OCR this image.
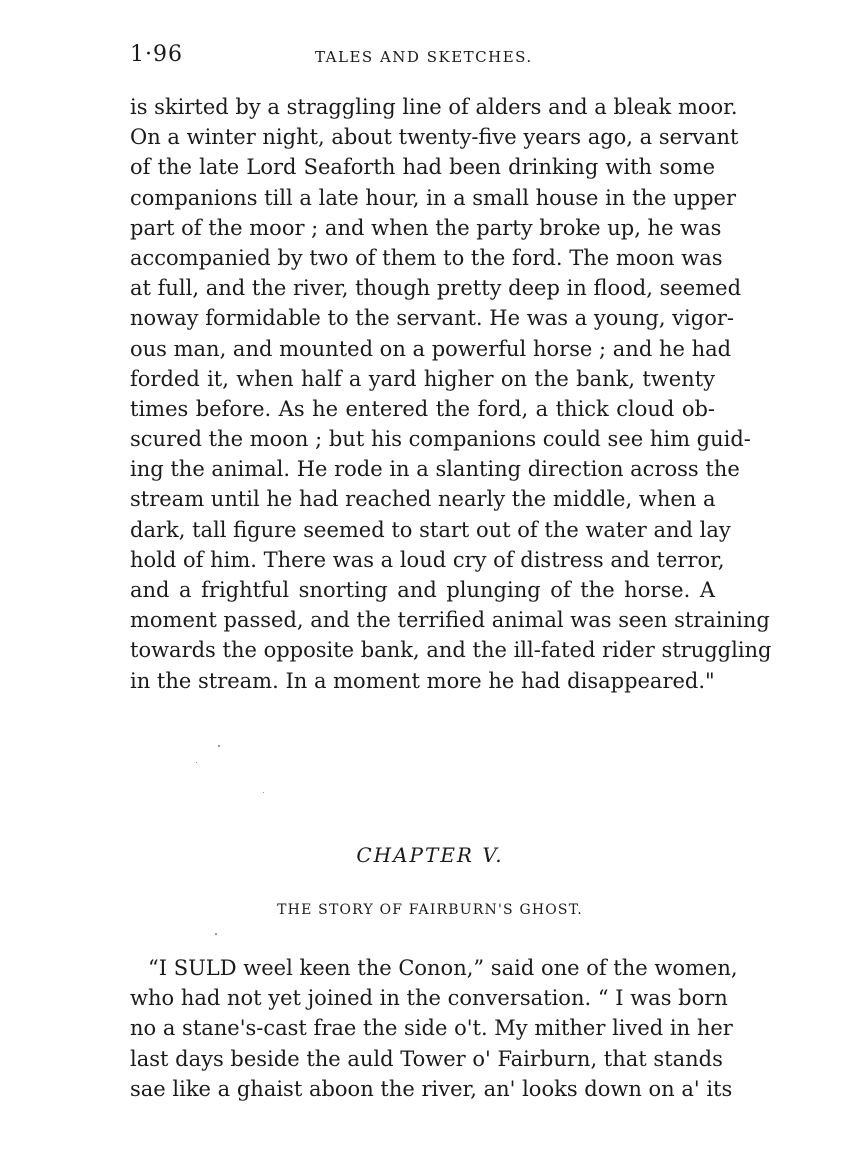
1·96	TALES AND SKETCHES.
is skirted by a straggling line of alders and a bleak moor.
On a winter night, about twenty-five years ago, a servant
of the late Lord Seaforth had been drinking with some
companions till a late hour, in a small house in the upper
part of the moor ; and when the party broke up, he was
accompanied by two of them to the ford. The moon was
at full, and the river, though pretty deep in flood, seemed
noway formidable to the servant. He was a young, vigor-
ous man, and mounted on a powerful horse ; and he had
forded it, when half a yard higher on the bank, twenty
times before. As he entered the ford, a thick cloud ob-
scured the moon ; but his companions could see him guid-
ing the animal. He rode in a slanting direction across the
stream until he had reached nearly the middle, when a
dark, tall figure seemed to start out of the water and lay
hold of him. There was a loud cry of distress and terror,
and a frightful snorting and plunging of the horse. A
moment passed, and the terrified animal was seen straining
towards the opposite bank, and the ill-fated rider struggling
in the stream. In a moment more he had disappeared."
CHAPTER V.
THE STORY OF FAIRBURN'S GHOST.
“I SULD weel keen the Conon,” said one of the women,
who had not yet joined in the conversation. “ I was born
no a stane's-cast frae the side o't. My mither lived in her
last days beside the auld Tower o' Fairburn, that stands
sae like a ghaist aboon the river, an' looks down on a' its
